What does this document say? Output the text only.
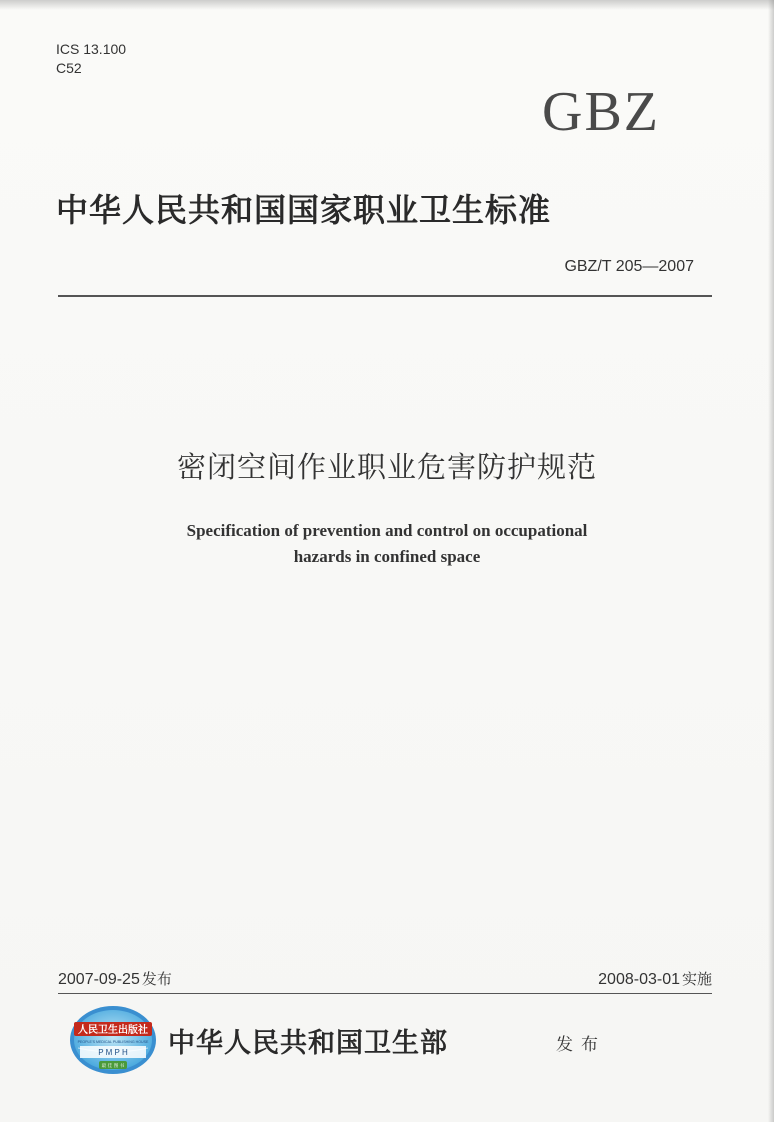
ICS 13.100
C52
GBZ
中华人民共和国国家职业卫生标准
GBZ/T 205—2007
密闭空间作业职业危害防护规范
Specification of prevention and control on occupational
hazards in confined space
2007-09-25 发布	2008-03-01 实施
人民卫生出版社
PEOPLE'S MEDICAL PUBLISHING HOUSE
P M P H
最 佳 图 书
中华人民共和国卫生部	发布
